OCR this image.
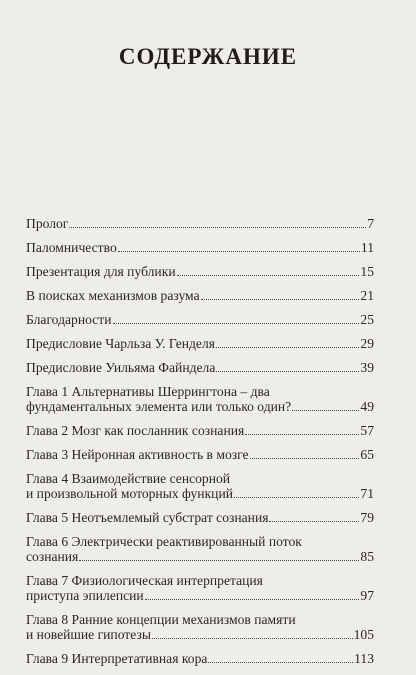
СОДЕРЖАНИЕ
Пролог	7
Паломничество	11
Презентация для публики	15
В поисках механизмов разума	21
Благодарности	25
Предисловие Чарльза У. Генделя	29
Предисловие Уильяма Файндела	39
Глава 1 Альтернативы Шеррингтона – два
фундаментальных элемента или только один?	49
Глава 2 Мозг как посланник сознания	57
Глава 3 Нейронная активность в мозге	65
Глава 4 Взаимодействие сенсорной
и произвольной моторных функций	71
Глава 5 Неотъемлемый субстрат сознания	79
Глава 6 Электрически реактивированный поток
сознания	85
Глава 7 Физиологическая интерпретация
приступа эпилепсии	97
Глава 8 Ранние концепции механизмов памяти
и новейшие гипотезы	105
Глава 9 Интерпретативная кора	113
